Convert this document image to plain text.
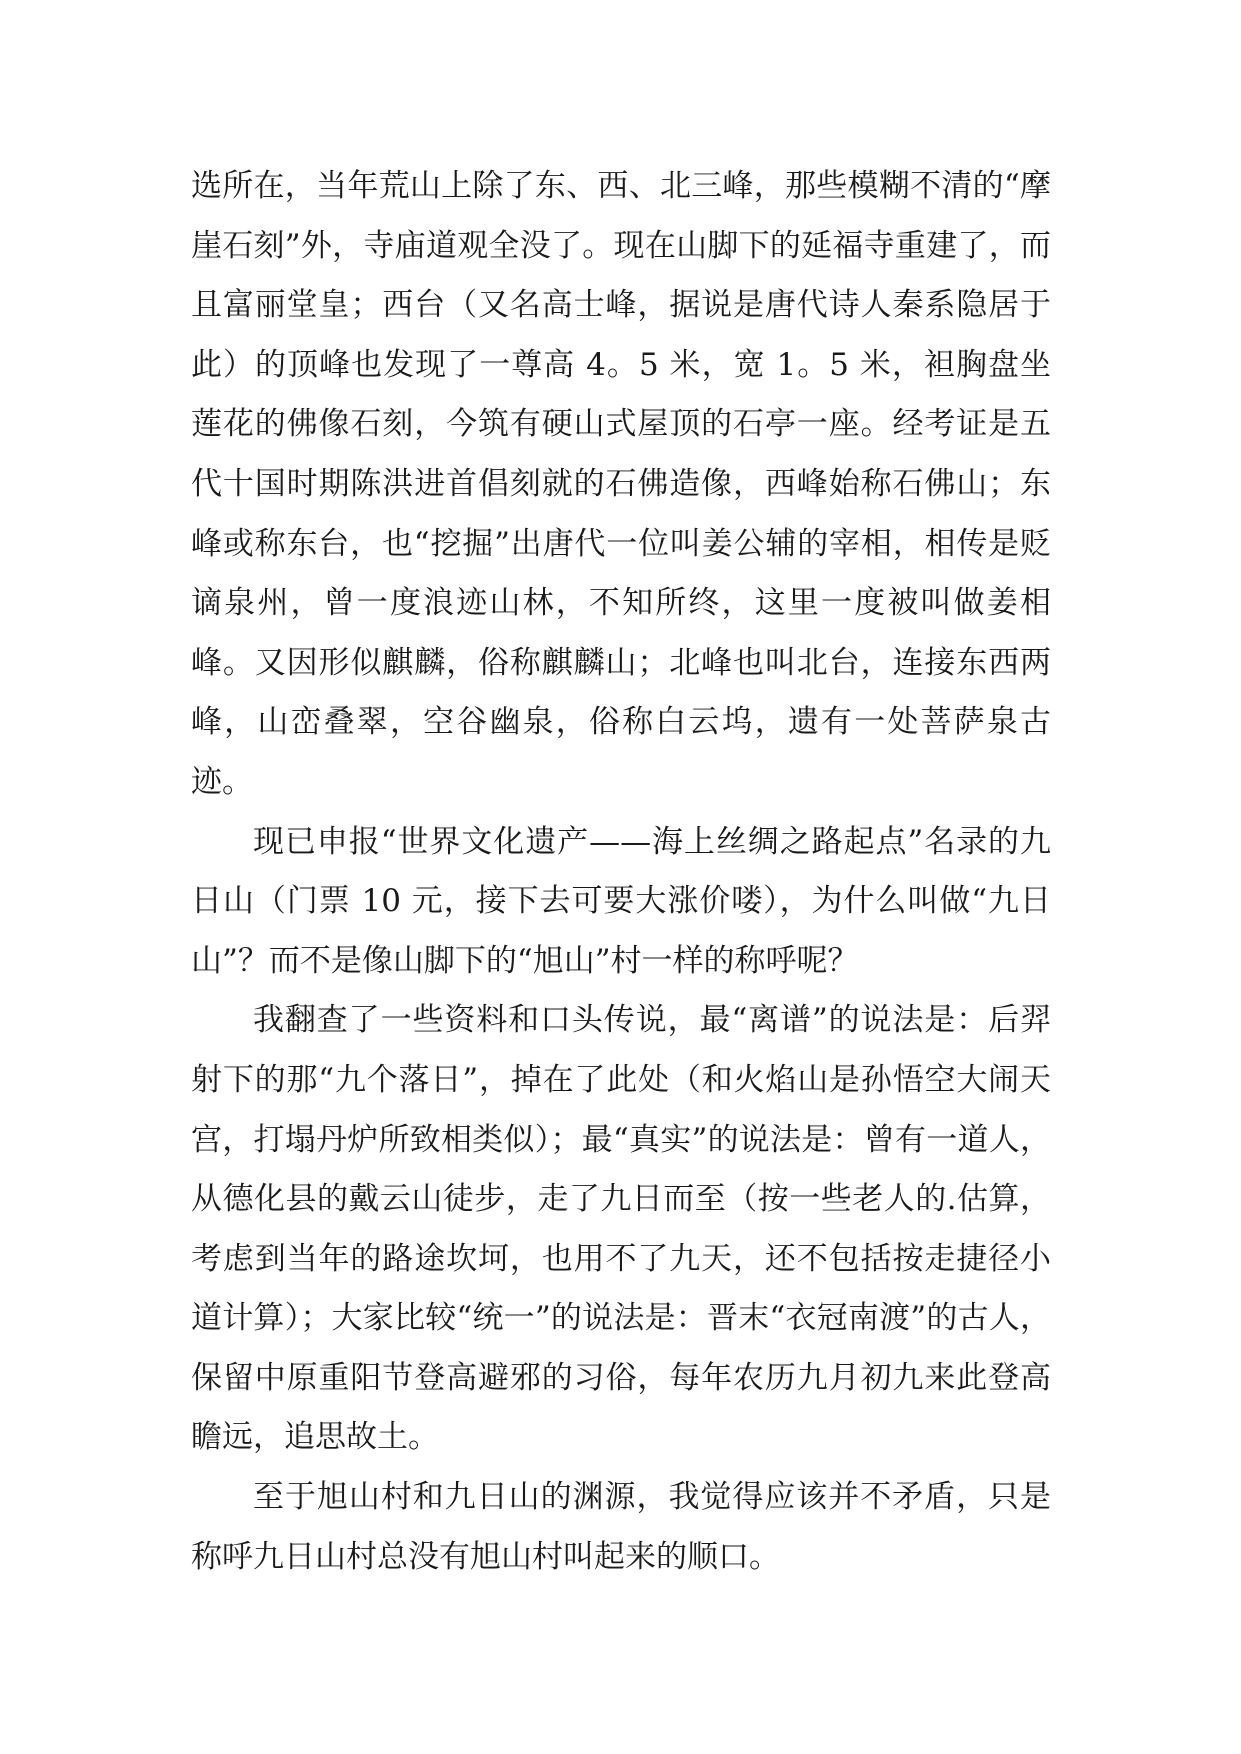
选所在，当年荒山上除了东、西、北三峰，那些模糊不清的“摩崖石刻”外，寺庙道观全没了。现在山脚下的延福寺重建了，而且富丽堂皇；西台（又名高士峰，据说是唐代诗人秦系隐居于此）的顶峰也发现了一尊高 4。5 米，宽 1。5 米，袒胸盘坐莲花的佛像石刻，今筑有硬山式屋顶的石亭一座。经考证是五代十国时期陈洪进首倡刻就的石佛造像，西峰始称石佛山；东峰或称东台，也“挖掘”出唐代一位叫姜公辅的宰相，相传是贬谪泉州，曾一度浪迹山林，不知所终，这里一度被叫做姜相峰。又因形似麒麟，俗称麒麟山；北峰也叫北台，连接东西两峰，山峦叠翠，空谷幽泉，俗称白云坞，遗有一处菩萨泉古迹。

现已申报“世界文化遗产——海上丝绸之路起点”名录的九日山（门票 10 元，接下去可要大涨价喽），为什么叫做“九日山”？而不是像山脚下的“旭山”村一样的称呼呢？

我翻查了一些资料和口头传说，最“离谱”的说法是：后羿射下的那“九个落日”，掉在了此处（和火焰山是孙悟空大闹天宫，打塌丹炉所致相类似）；最“真实”的说法是：曾有一道人，从德化县的戴云山徒步，走了九日而至（按一些老人的.估算，考虑到当年的路途坎坷，也用不了九天，还不包括按走捷径小道计算）；大家比较“统一”的说法是：晋末“衣冠南渡”的古人，保留中原重阳节登高避邪的习俗，每年农历九月初九来此登高瞻远，追思故土。

至于旭山村和九日山的渊源，我觉得应该并不矛盾，只是称呼九日山村总没有旭山村叫起来的顺口。
